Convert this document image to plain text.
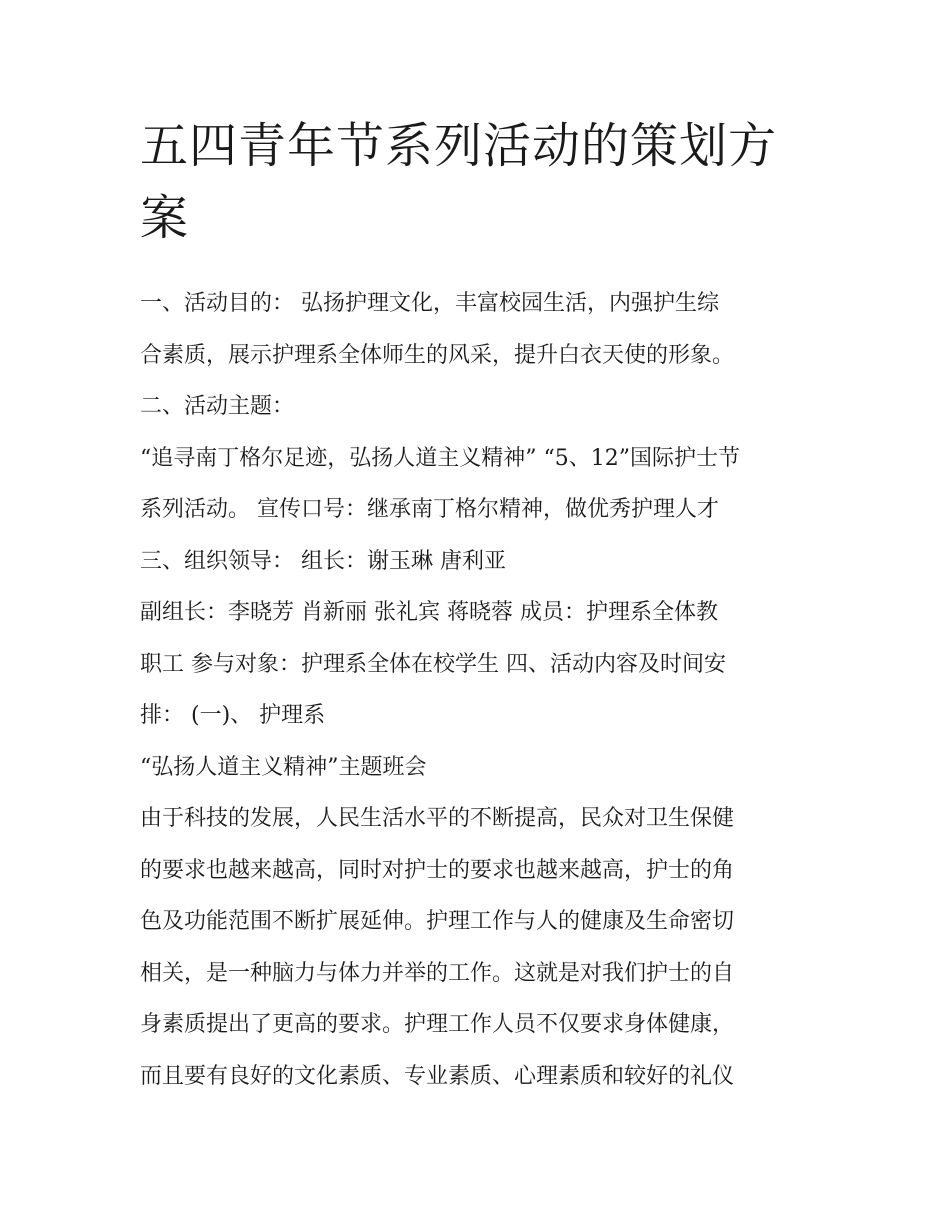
五四青年节系列活动的策划方
案
一、活动目的： 弘扬护理文化，丰富校园生活，内强护生综
合素质，展示护理系全体师生的风采，提升白衣天使的形象。
二、活动主题：
“追寻南丁格尔足迹，弘扬人道主义精神” “5、12”国际护士节
系列活动。 宣传口号：继承南丁格尔精神，做优秀护理人才
三、组织领导： 组长：谢玉琳 唐利亚
副组长：李晓芳 肖新丽 张礼宾 蒋晓蓉 成员：护理系全体教
职工 参与对象：护理系全体在校学生 四、活动内容及时间安
排： (一)、 护理系
“弘扬人道主义精神”主题班会
由于科技的发展，人民生活水平的不断提高，民众对卫生保健
的要求也越来越高，同时对护士的要求也越来越高，护士的角
色及功能范围不断扩展延伸。护理工作与人的健康及生命密切
相关，是一种脑力与体力并举的工作。这就是对我们护士的自
身素质提出了更高的要求。护理工作人员不仅要求身体健康，
而且要有良好的文化素质、专业素质、心理素质和较好的礼仪
